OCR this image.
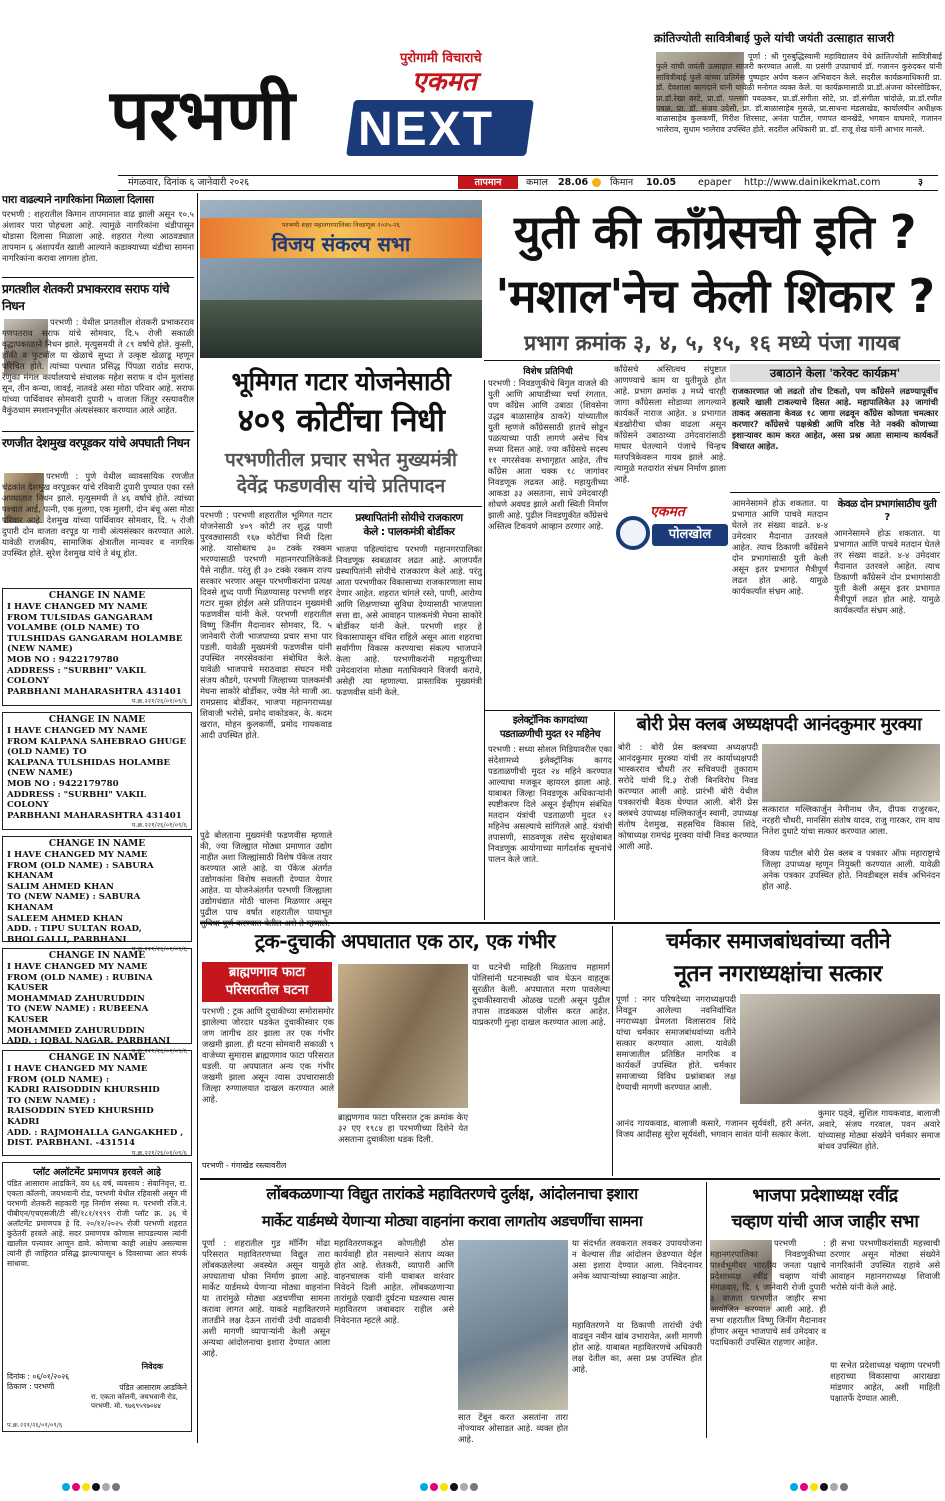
पुरोगामी विचाराचे
एकमत
परभणी NEXT
क्रांतिज्योती सावित्रीबाई फुले यांची जयंती उत्साहात साजरी
पूर्णा : श्री गुरुबुद्धिस्वामी महाविद्यालय येथे क्रांतिज्योती सावित्रीबाई फुले यांची जयंती उत्साहात साजरी करण्यात आली. या प्रसंगी उपप्राचार्य डॉ. गजानन कुरुंदकर यांनी सावित्रीबाई फुले यांच्या प्रतिमेस पुष्पहार अर्पण करून अभिवादन केले. सदरील कार्यक्रमाधिकारी प्रा. डॉ. देवशाला कागदाने यांनी यावेळी मनोगत व्यक्त केले. या कार्यक्रमासाठी प्रा.डॉ.अंजना कोरसोडिकर, प्रा.डॉ.रेखा वरटे, प्रा.डॉ. पल्लवी पवळकर, प्रा.डॉ.संगीता सोटे, प्रा. डॉ.संगीता चांदोळे, प्रा.डॉ.रणीत पवळ, प्रा. डॉ. संजय उदेसी, प्रा. डॉ.बाळासाहेब मुसळे, प्रा.साधना मंडलाखेड, कार्यालयीन अधीक्षक बाळासाहेब कुलकर्णी, गिरीश शिरसाट, अनंता पाटील, गणपत वानखेडे, भगवान वाघमारे, गजानन भालेराव, सुधाम भालेराव उपस्थित होते. सदरील अधिकारी प्रा. डॉ. राजू शेख यांनी आभार मानले.
मंगळवार, दिनांक ६ जानेवारी २०२६	तापमान	कमाल 28.06 किमान 10.05 epaper http://www.dainikekmat.com	३
पारा वाढल्याने नागरिकांना मिळाला दिलासा
परभणी : शहरातील किमान तापमानात वाढ झाली असून १०.५ अंशावर पारा पोहचला आहे. त्यामुळे नागरिकांना थंडीपासून थोडासा दिलासा मिळाला आहे. शहरात गेल्या आठवड्यात तापमान ६ अंशापर्यंत खाली आल्याने कडाक्याच्या थंडीचा सामना नागरिकांना करावा लागला होता.
प्रगतशील शेतकरी प्रभाकरराव सराफ यांचे निधन
परभणी : येथील प्रगतशील शेतकरी प्रभाकरराव गणपतराव सराफ यांचे सोमवार, दि.५ रोजी सकाळी वृद्धापकाळाने निधन झाले. मृत्युसमयी ते ८९ वर्षाचे होते. कुस्ती, हॉकी व फुटबॉल या खेळाचे सुध्दा ते उत्कृष्ट खेळाडू म्हणून परिचित होते. त्यांच्या पश्चात प्रसिद्ध पिंपळा राठोड सराफ, रेणुका मंगल कार्यालयाचे संचालक महेश सराफ व दोन मुलांसह सून, तीन कन्या, जावई, नातवंडे असा मोठा परिवार आहे. सराफ यांच्या पार्थिवावर सोमवारी दुपारी ५ वाजता जिंतूर रस्त्यावरील वैकुंठधाम स्मशानभूमीत अंत्यसंस्कार करण्यात आले आहेत.
रणजीत देशमुख वरपूडकर यांचे अपघाती निधन
परभणी : पुणे येथील व्यावसायिक रणजीत चंद्रकांत देशमुख वरपूडकर यांचे रविवारी दुपारी पुण्यात एका रस्ते अपघातात निधन झाले. मृत्युसमयी ते ४६ वर्षाचे होते. त्यांच्या पश्चात आई, पत्नी, एक मुलगा, एक मुलगी, दोन बंधू असा मोठा परिवार आहे. देशमुख यांच्या पार्थिवावर सोमवार, दि. ५ रोजी दुपारी दोन वाजता वरपूड या गावी अंत्यसंस्कार करण्यात आले. यावेळी राजकीय, सामाजिक क्षेत्रातील मान्यवर व नागरिक उपस्थित होते. सुरेश देशमुख यांचे ते बंधू होत.
CHANGE IN NAME
I HAVE CHANGED MY NAME
FROM TULSIDAS GANGARAM
VOLAMBE (OLD NAME) TO
TULSHIDAS GANGARAM HOLAMBE
(NEW NAME)
MOB NO : 9422179780
ADDRESS : "SURBHI" VAKIL COLONY
PARBHANI MAHARASHTRA 431401
प.क्र.२२१/२६/०१/०९/६
CHANGE IN NAME
I HAVE CHANGED MY NAME
FROM KALPANA SAHEBRAO GHUGE
(OLD NAME) TO
KALPANA TULSHIDAS HOLAMBE
(NEW NAME)
MOB NO : 9422179780
ADDRESS : "SURBHI" VAKIL COLONY
PARBHANI MAHARASHTRA 431401
प.क्र.२२१/२६/०१/०९/६
CHANGE IN NAME
I HAVE CHANGED MY NAME
FROM (OLD NAME) : SABURA KHANAM
SALIM AHMED KHAN
TO (NEW NAME) : SABURA KHANAM
SALEEM AHMED KHAN
ADD. : TIPU SULTAN ROAD,
BHOI GALLI, PARBHANI
प.क्र.२२१/२६/०१/०९/६
CHANGE IN NAME
I HAVE CHANGED MY NAME
FROM (OLD NAME) : RUBINA KAUSER
MOHAMMAD ZAHURUDDIN
TO (NEW NAME) : RUBEENA KAUSER
MOHAMMED ZAHURUDDIN
ADD. : IQBAL NAGAR, PARBHANI
प.क्र.२२१/२६/०१/०९/६
CHANGE IN NAME
I HAVE CHANGED MY NAME
FROM (OLD NAME) :
KADRI RAISODDIN KHURSHID
TO (NEW NAME) :
RAISODDIN SYED KHURSHID KADRI
ADD. : RAJMOHALLA GANGAKHED ,
DIST. PARBHANI. -431514
प.क्र.२२१/२६/०१/०९/६
प्लॉट अलॉटमेंट प्रमाणपत्र हरवले आहे
पंडित आसाराम आडकिने, वय ६६ वर्ष, व्यवसाय : सेवानिवृत्त, रा. एकता कॉलनी, जयभवानी रोड, परभणी येथील रहिवासी असून मी परभणी शेतकरी सहकारी गृह निर्माण संस्था म. परभणी रजि.नं. पीबीएन/एचएसजी/टी सी/१८१/१९९९ रोजी प्लॉट क्र. ३६ चे अलॉटमेंट प्रमाणपत्र हे दि. २०/१२/२०२५ रोजी परभणी शहरात कुठेतरी हरवले आहे. सदर प्रमाणपत्र कोणास सापडल्यास त्यांनी खालील पत्त्यावर आणून द्यावे. कोणाचा काही आक्षेप असल्यास त्यांनी ही जाहिरात प्रसिद्ध झाल्यापासून ७ दिवसाच्या आत संपर्क साधावा.
निवेदक
दिनांक : ०६/०१/२०२६
ठिकाण : परभणी	पंडित आसाराम आडकिने
रा. एकता कॉलनी, जयभवानी रोड, परभणी. मो. ९७६९५९७०४४
प.क्र.२२१/२६/०१/०९/६
परभणी शहर महानगरपालिका निवडणूक २०२५-२६
विजय संकल्प सभा
भूमिगत गटार योजनेसाठी
४०९ कोटींचा निधी
परभणीतील प्रचार सभेत मुख्यमंत्री
देवेंद्र फडणवीस यांचे प्रतिपादन
परभणी : परभणी शहरातील भूमिगत गटार योजनेसाठी ४०९ कोटी तर शुद्ध पाणी पुरवठ्यासाठी १६७ कोटींचा निधी दिला आहे. यासोबतच ३० टक्के रक्कम भरण्यासाठी परभणी महानगरपालिकेकडे पैसे नाहीत. परंतु ही ३० टक्के रक्कम राज्य सरकार भरणार असून परभणीकरांना प्रत्यक्ष दिवसे शुध्द पाणी मिळण्यासह परभणी शहर गटार मुक्त होईल असे प्रतिपादन मुख्यमंत्री फडणवीस यांनी केले. परभणी शहरातील विष्णु जिनींग मैदानावर सोमवार, दि. ५ जानेवारी रोजी भाजपाच्या प्रचार सभा पार पडली. यावेळी मुख्यमंत्री फडणवीस यांनी उपस्थित नगरसेवकांना संबोधित केले. यावेळी भाजपाचे मराठवाडा संघटन मंत्री संजय कौडगे, परभणी जिल्हाच्या पालकमंत्री मेघना साकोरे बोर्डीकर, ज्येष्ठ नेते माजी आ. रामप्रसाद बोर्डीकर, भाजपा महानगराध्यक्ष शिवाजी भरोसे, प्रमोद वाकोडकर, के. कदम खरात, मोहन कुलकर्णी, प्रमोद गायकवाड आदी उपस्थित होते.
पुढे बोलताना मुख्यमंत्री फडणवीस म्हणाले की, ज्या जिल्ह्यात मोठ्या प्रमाणात उद्योग नाहीत अशा जिल्ह्यांसाठी विशेष पॅकेज तयार करण्यात आले आहे. या पॅकेज अंतर्गत उद्योगकांना विशेष सवलती देण्यात येणार आहेत. या योजनेअंतर्गत परभणी जिल्ह्याला उद्योगधंद्यात मोठी चालना मिळणार असून पुढील पाच वर्षात शहरातील पायाभूत
प्रस्थापितांनी सोयीचे राजकारण
केले : पालकमंत्री बोर्डीकर
भाजपा पहिल्यांदाच परभणी महानगरपालिका निवडणूक स्वबळावर लढत आहे. आजपर्यंत प्रस्थापितांनी सोयीचे राजकारण केले आहे. परंतु आता परभणीकर विकासाच्या राजकारणाला साथ देणार आहेत. शहरात चांगले रस्ते, पाणी, आरोग्य आणि शिक्षणाच्या सुविधा देण्यासाठी भाजपाला सत्ता द्या, असे आवाहन पालकमंत्री मेघना साकोरे बोर्डीकर यांनी केले. परभणी शहर हे विकासापासून वंचित राहिले असून आता शहराचा सर्वांगीण विकास करण्याचा संकल्प भाजपाने केला आहे. परभणीकरांनी महायुतीच्या उमेदवारांना मोठ्या मताधिक्याने विजयी करावे, असेही त्या म्हणाल्या. प्रास्ताविक मुख्यमंत्री फडणवीस यांनी केले.
युती की काँग्रेसची इति ?
'मशाल'नेच केली शिकार ?
प्रभाग क्रमांक ३, ४, ५, १५, १६ मध्ये पंजा गायब
विशेष प्रतिनिधी
परभणी : निवडणुकीचे बिगुल वाजले की युती आणि आघाडीच्या चर्चा रंगतात. पण काँग्रेस आणि उबाठा (शिवसेना उद्धव बाळासाहेब ठाकरे) यांच्यातील युती म्हणजे काँग्रेससाठी हातचे सोडून पळत्याच्या पाठी लागणे असेच चित्र सध्या दिसत आहे. ज्या काँग्रेसचे सदस्य ११ नगरसेवक सभागृहात आहेत, तीच काँग्रेस आता चक्क १८ जागांवर निवडणूक लढवत आहे. महायुतीच्या आकडा ३३ असताना, साधे उमेदवारही शोधणे अवघड झाले अशी स्थिती निर्माण झाली आहे. पुढील निवडणुकीत काँग्रेसचे अस्तित्व टिकवणे आव्हान ठरणार आहे.
काँग्रेसचे अस्तित्वच संपुष्टात आणण्याचे काम या युतीमुळे होत आहे. प्रभाग क्रमांक ३ मध्ये चारही जागा काँग्रेसला सोडाव्या लागल्याने कार्यकर्ते नाराज आहेत. ४ प्रभागात बंडखोरीचा धोका वाढला असून काँग्रेसने उबाठाच्या उमेदवारांसाठी माघार घेतल्याने पंजाचे चिन्हच मतपत्रिकेवरून गायब झाले आहे. त्यामुळे मतदारांत संभ्रम निर्माण झाला आहे.
उबाठाने केला 'करेक्ट कार्यक्रम'
राजकारणात जो लढतो तोच टिकतो, पण काँग्रेसने लढण्यापूर्वीच हत्यारे खाली टाकल्याचे दिसत आहे. महापालिकेत ३३ जागांची ताकद असताना केवळ १८ जागा लढवून काँग्रेस कोणता चमत्कार करणार? काँग्रेसचे पक्षश्रेष्ठी आणि वरिष्ठ नेते नक्की कोणाच्या इशाऱ्यावर काम करत आहेत, असा प्रश्न आता सामान्य कार्यकर्ते विचारत आहेत.
एकमत
पोलखोल
आमनेसामने होऊ शकतात. या प्रभागात आणि पाचवे मतदान घेतले तर संख्या वाढते. ४-४ उमेदवार मैदानात उतरवले आहेत. त्याच ठिकाणी काँग्रेसने दोन प्रभागांसाठी युती केली असून इतर प्रभागात मैत्रीपूर्ण लढत होत आहे. यामुळे कार्यकर्त्यांत संभ्रम आहे.
केवळ दोन प्रभागांसाठीच युती ?
आमनेसामने होऊ शकतात. या प्रभागात आणि पाचवे मतदान घेतले तर संख्या वाढते. ४-४ उमेदवार मैदानात उतरवले आहेत. त्याच ठिकाणी काँग्रेसने दोन प्रभागांसाठी युती केली असून इतर प्रभागात मैत्रीपूर्ण लढत होत आहे. यामुळे कार्यकर्त्यांत संभ्रम आहे.
इलेक्ट्रॉनिक कागदांच्या
पडताळणीची मुदत १२ महिनेच
परभणी : सध्या सोशल मिडियावरील एका संदेशामध्ये इलेक्ट्रॉनिक कागद पडताळणीची मुदत २४ महिने करण्यात आल्याचा मजकूर व्हायरल झाला आहे. याबाबत जिल्हा निवडणूक अधिकाऱ्यांनी स्पष्टीकरण दिले असून ईव्हीएम संबंधित मतदान यंत्रांची पडताळणी मुदत १२ महिनेच असल्याचे सांगितले आहे. यंत्रांची तपासणी, साठवणूक तसेच सुरक्षेबाबत निवडणूक आयोगाच्या मार्गदर्शक सूचनांचे पालन केले जाते.
बोरी प्रेस क्लब अध्यक्षपदी आनंदकुमार मुरक्या
बोरी : बोरी प्रेस क्लबच्या अध्यक्षपदी आनंदकुमार मुरक्या यांची तर कार्याध्यक्षपदी भास्करराव चौधरी तर सचिवपदी तुकाराम सरोदे यांची दि.३ रोजी बिनविरोध निवड करण्यात आली आहे. प्रारंभी बोरी येथील पत्रकारांची बैठक घेण्यात आली. बोरी प्रेस क्लबचे उपाध्यक्ष मल्लिकार्जुन स्वामी, उपाध्यक्ष संतोष देशमुख, सहसचिव विकास शिंदे, कोषाध्यक्ष रामचंद्र मुरक्या यांची निवड करण्यात आली आहे.
सत्कारात मल्लिकार्जुन नेमीनाथ जैन, दीपक राजुरकर, नरहरी चौधरी, मानसिंग संतोष यादव, राजु गारकर, राम वाघ नितेश दुधाटे यांचा सत्कार करण्यात आला.
विजय पाटील बोरी प्रेस क्लब व पत्रकार ऑफ महाराष्ट्राचे जिल्हा उपाध्यक्ष म्हणून नियुक्ती करण्यात आली. यावेळी अनेक पत्रकार उपस्थित होते. निवडीबद्दल सर्वत्र अभिनंदन होत आहे.
ट्रक-दुचाकी अपघातात एक ठार, एक गंभीर
ब्राह्मणगाव फाटा
परिसरातील घटना
परभणी : ट्रक आणि दुचाकीच्या समोरासमोर झालेल्या जोरदार धडकेत दुचाकीस्वार एक जण जागीच ठार झाला तर एक गंभीर जखमी झाला. ही घटना सोमवारी सकाळी ९ वाजेच्या सुमारास ब्राह्मणगाव फाटा परिसरात घडली. या अपघातात अन्य एक गंभीर जखमी झाला असून त्यास उपचारासाठी जिल्हा रुग्णालयात दाखल करण्यात आले आहे.
परभणी - गंगाखेड रस्त्यावरील
ब्राह्मणगाव फाटा परिसरात ट्रक क्रमांक केए ३२ एए १९८४ हा परभणीच्या दिशेने येत असताना दुचाकीला धडक दिली.
या घटनेची माहिती मिळताच महामार्ग पोलिसांनी घटनास्थळी धाव घेऊन वाहतूक सुरळीत केली. अपघातात मरण पावलेल्या दुचाकीस्वाराची ओळख पटली असून पुढील तपास ताडकळस पोलीस करत आहेत. याप्रकरणी गुन्हा दाखल करण्यात आला आहे.
चर्मकार समाजबांधवांच्या वतीने
नूतन नगराध्यक्षांचा सत्कार
पूर्णा : नगर परिषदेच्या नगराध्यक्षपदी निवडून आलेल्या नवनिर्वाचित नगराध्यक्षा प्रेमलता विलासराव शिंदे यांचा चर्मकार समाजबांधवांच्या वतीने सत्कार करण्यात आला. यावेळी समाजातील प्रतिष्ठित नागरिक व कार्यकर्ते उपस्थित होते. चर्मकार समाजाच्या विविध प्रश्नांबाबत लक्ष देण्याची मागणी करण्यात आली.
आनंद गायकवाड, बालाजी कसारे, गजानन सूर्यवंशी, हरी अनंत, विजय आदीसह सुरेश सूर्यवंशी, भगवान सावंत यांनी सत्कार केला.
कुमार पठ्वे, सुशिल गायकवाड, बालाजी अवारे, संजय गरवाल, पवन अवारे यांच्यासह मोठ्या संख्येने चर्मकार समाज बांधव उपस्थित होते.
लोंबकळणाऱ्या विद्युत तारांकडे महावितरणचे दुर्लक्ष, आंदोलनाचा इशारा
मार्केट यार्डमध्ये येणाऱ्या मोठ्या वाहनांना करावा लागतोय अडचणींचा सामना
पूर्णा : शहरातील गुड मॉर्निंग मोंढा परिसरात महावितरणच्या विद्युत तारा लोंबकळलेल्या अवस्थेत असून यामुळे अपघाताचा धोका निर्माण झाला आहे. मार्केट यार्डमध्ये येणाऱ्या मोठ्या वाहनांना या तारांमुळे मोठ्या अडचणींचा सामना करावा लागत आहे. याकडे महावितरणने तातडीने लक्ष देऊन तारांची उंची वाढवावी अशी मागणी व्यापाऱ्यांनी केली असून अन्यथा आंदोलनाचा इशारा देण्यात आला आहे.
महावितरणकडून कोणतीही ठोस कार्यवाही होत नसल्याने संताप व्यक्त होत आहे. शेतकरी, व्यापारी आणि वाहनचालक यांनी याबाबत वारंवार निवेदने दिली आहेत. लोंबकळणाऱ्या तारांमुळे एखादी दुर्घटना घडल्यास त्यास महावितरण जबाबदार राहील असे निवेदनात म्हटले आहे.
सात टेंबून करत असतांना तारा नोज्यावर ओसाडत आहे. व्यक्त होत आहे.
या संदर्भात लवकरात लवकर उपाययोजना न केल्यास तीव्र आंदोलन छेडण्यात येईल असा इशारा देण्यात आला. निवेदनावर अनेक व्यापाऱ्यांच्या स्वाक्षऱ्या आहेत.
महावितरणने या ठिकाणी तारांची उंची वाढवून नवीन खांब उभारावेत, अशी मागणी होत आहे. याबाबत महावितरणचे अधिकारी लक्ष देतील का, असा प्रश्न उपस्थित होत आहे.
भाजपा प्रदेशाध्यक्ष रवींद्र
चव्हाण यांची आज जाहीर सभा
परभणी : महानगरपालिका निवडणुकीच्या पार्श्वभूमीवर भारतीय जनता पक्षाचे प्रदेशाध्यक्ष रवींद्र चव्हाण यांची मंगळवार, दि. ६ जानेवारी रोजी दुपारी ३ वाजता परभणीत जाहीर सभा आयोजित करण्यात आली आहे. ही सभा शहरातील विष्णु जिनींग मैदानावर होणार असून भाजपाचे सर्व उमेदवार व पदाधिकारी उपस्थित राहणार आहेत.
ही सभा परभणीकरांसाठी महत्त्वाची ठरणार असून मोठ्या संख्येने नागरिकांनी उपस्थित राहावे असे आवाहन महानगराध्यक्ष शिवाजी भरोसे यांनी केले आहे.
या सभेत प्रदेशाध्यक्ष चव्हाण परभणी शहराच्या विकासाचा आराखडा मांडणार आहेत, अशी माहिती पक्षातर्फे देण्यात आली.
